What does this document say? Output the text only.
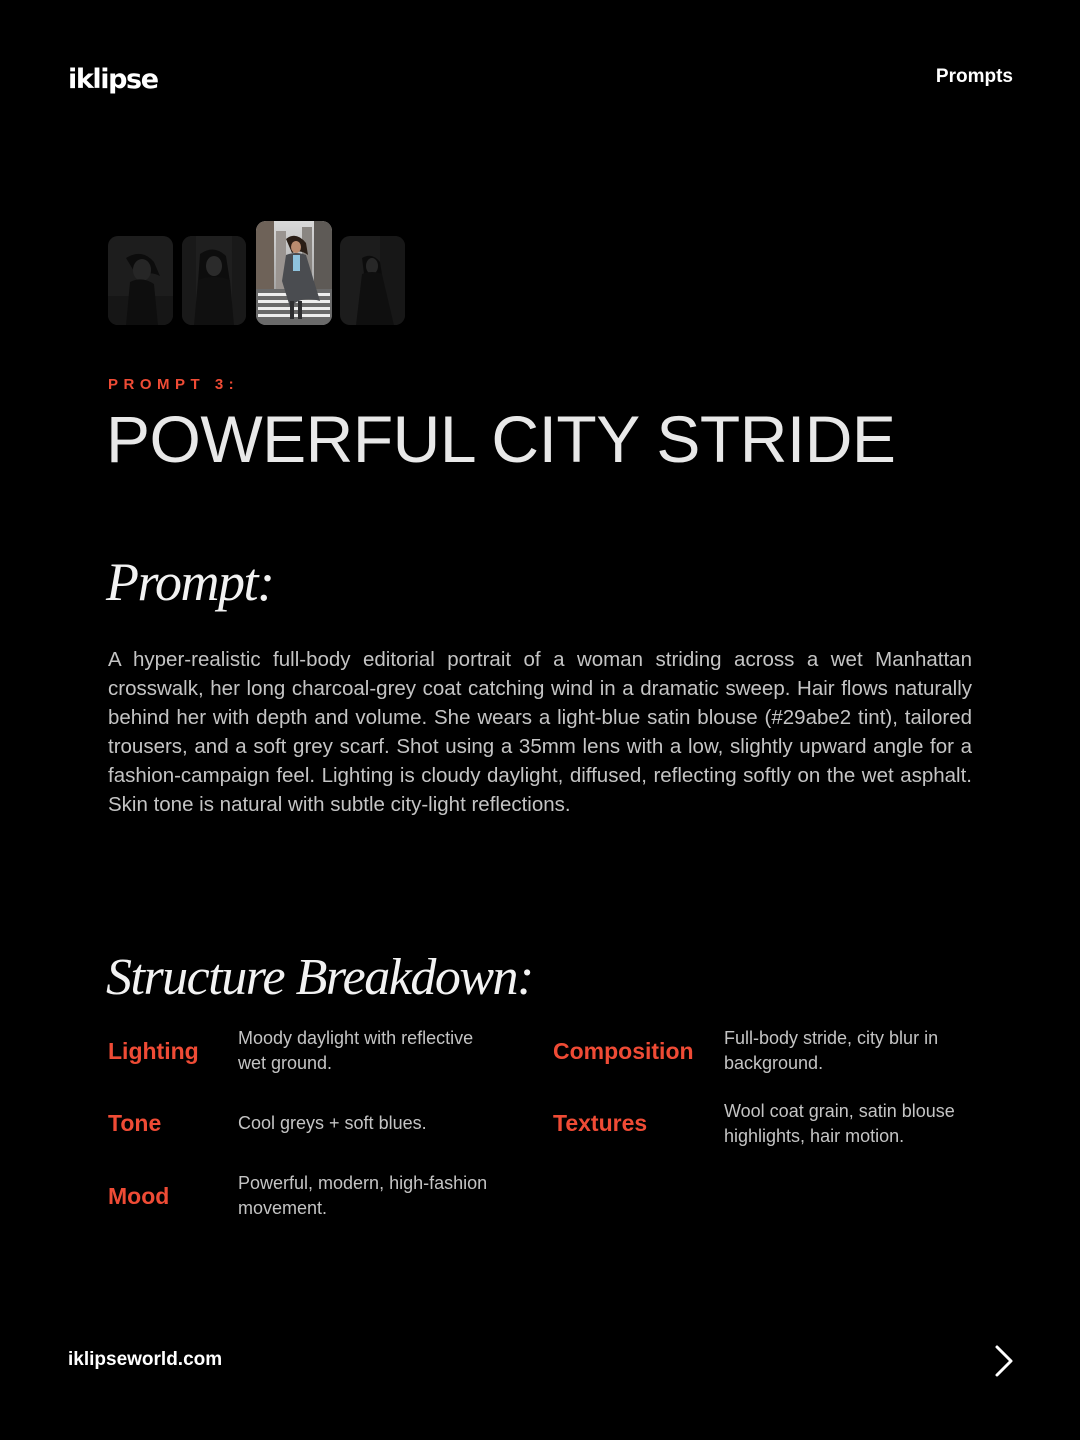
iklipse	Prompts
PROMPT 3:
POWERFUL CITY STRIDE
Prompt:
A hyper-realistic full-body editorial portrait of a woman striding across a wet Manhattan crosswalk, her long charcoal-grey coat catching wind in a dramatic sweep. Hair flows naturally behind her with depth and volume. She wears a light-blue satin blouse (#29abe2 tint), tailored trousers, and a soft grey scarf. Shot using a 35mm lens with a low, slightly upward angle for a fashion-campaign feel. Lighting is cloudy daylight, diffused, reflecting softly on the wet asphalt. Skin tone is natural with subtle city-light reflections.
Structure Breakdown:
Lighting Moody daylight with reflective wet ground.
Tone	Cool greys + soft blues.
Mood	Powerful, modern, high-fashion movement.
Composition Full-body stride, city blur in background.
Textures	Wool coat grain, satin blouse highlights, hair motion.
iklipseworld.com
